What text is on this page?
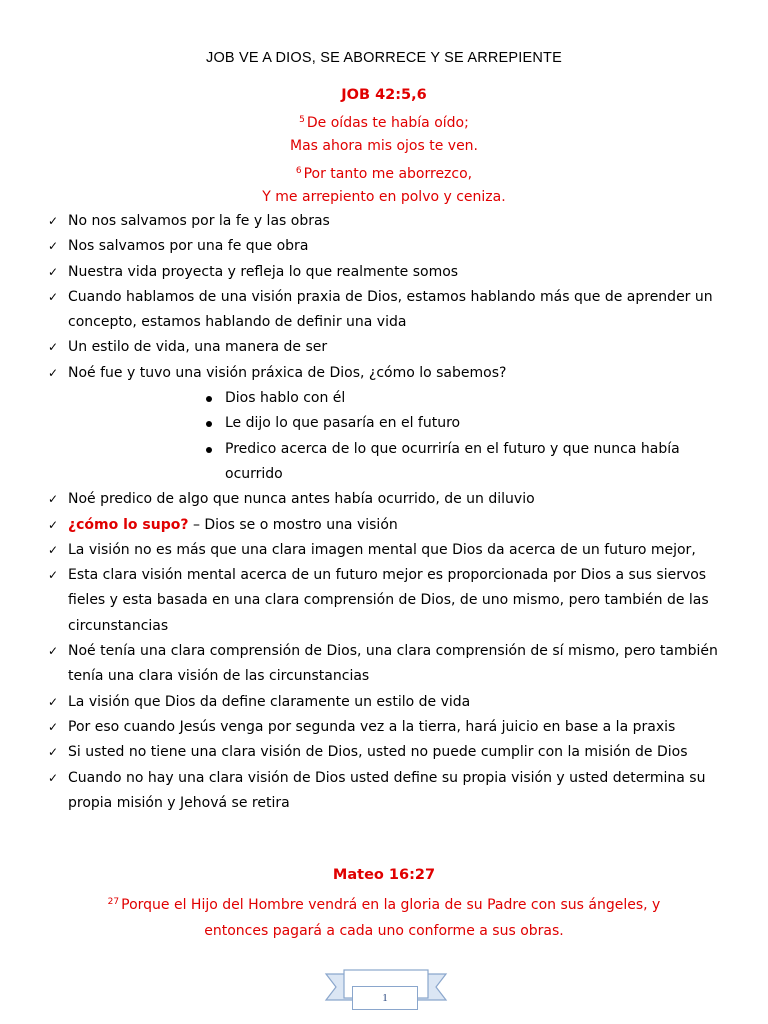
JOB VE A DIOS, SE ABORRECE Y SE ARREPIENTE
JOB 42:5,6
$^5$ De oídas te había oído;
Mas ahora mis ojos te ven.
$^6$ Por tanto me aborrezco,
Y me arrepiento en polvo y ceniza.
✓ No nos salvamos por la fe y las obras
✓ Nos salvamos por una fe que obra
✓ Nuestra vida proyecta y refleja lo que realmente somos
✓ Cuando hablamos de una visión praxia de Dios, estamos hablando más que de aprender un concepto, estamos hablando de definir una vida
✓ Un estilo de vida, una manera de ser
✓ Noé fue y tuvo una visión práxica de Dios, ¿cómo lo sabemos?
Dios hablo con él
Le dijo lo que pasaría en el futuro
Predico acerca de lo que ocurriría en el futuro y que nunca había ocurrido
✓ Noé predico de algo que nunca antes había ocurrido, de un diluvio
✓ ¿cómo lo supo? – Dios se o mostro una visión
✓ La visión no es más que una clara imagen mental que Dios da acerca de un futuro mejor,
✓ Esta clara visión mental acerca de un futuro mejor es proporcionada por Dios a sus siervos fieles y esta basada en una clara comprensión de Dios, de uno mismo, pero también de las circunstancias
✓ Noé tenía una clara comprensión de Dios, una clara comprensión de sí mismo, pero también tenía una clara visión de las circunstancias
✓ La visión que Dios da define claramente un estilo de vida
✓ Por eso cuando Jesús venga por segunda vez a la tierra, hará juicio en base a la praxis
✓ Si usted no tiene una clara visión de Dios, usted no puede cumplir con la misión de Dios
✓ Cuando no hay una clara visión de Dios usted define su propia visión y usted determina su propia misión y Jehová se retira
Mateo 16:27
$^{27}$ Porque el Hijo del Hombre vendrá en la gloria de su Padre con sus ángeles, y
entonces pagará a cada uno conforme a sus obras.
1
